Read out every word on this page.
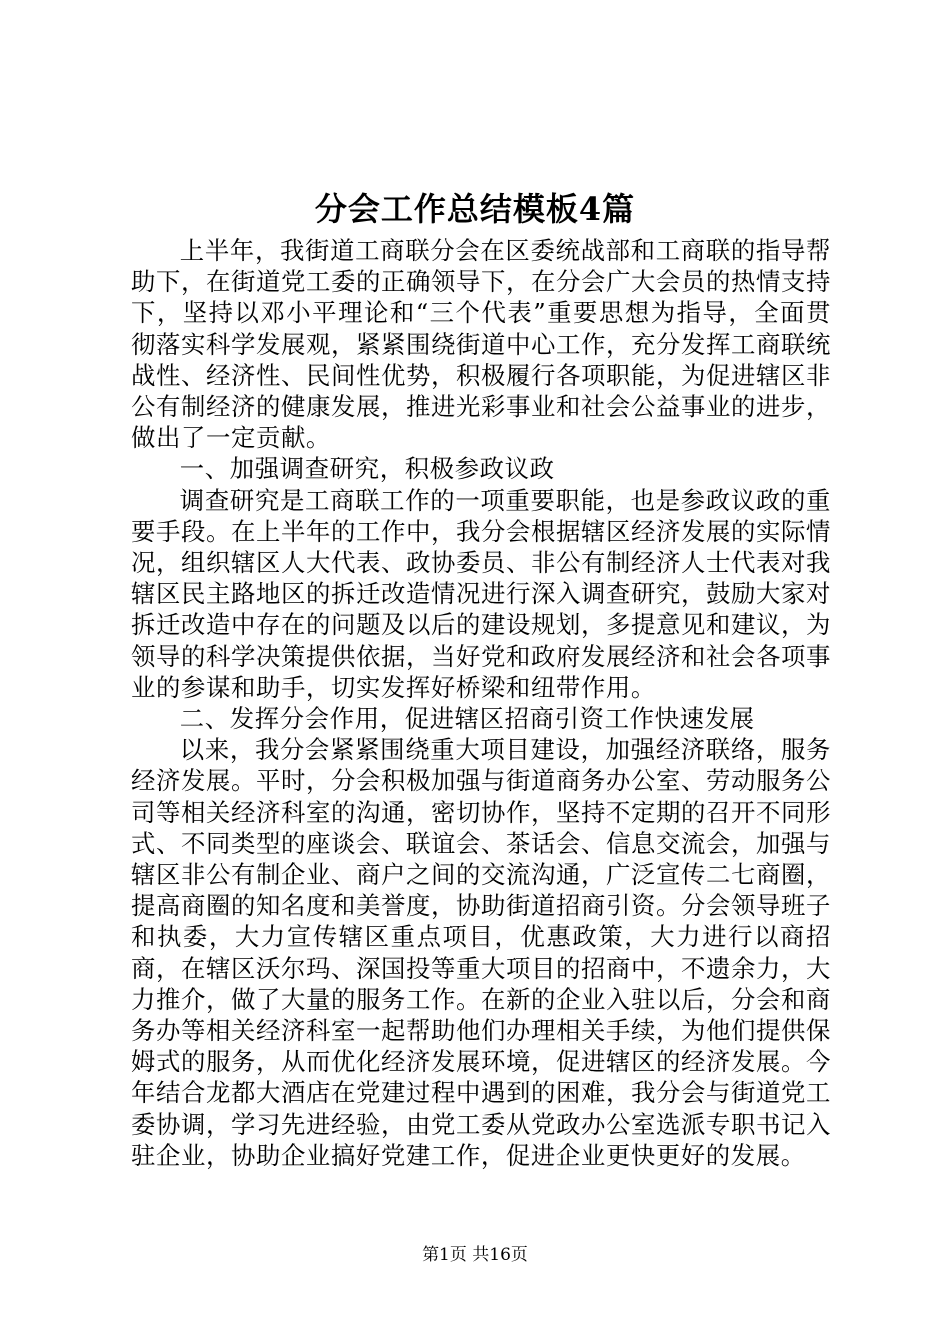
分会工作总结模板4篇

上半年，我街道工商联分会在区委统战部和工商联的指导帮助下，在街道党工委的正确领导下，在分会广大会员的热情支持下，坚持以邓小平理论和“三个代表”重要思想为指导，全面贯彻落实科学发展观，紧紧围绕街道中心工作，充分发挥工商联统战性、经济性、民间性优势，积极履行各项职能，为促进辖区非公有制经济的健康发展，推进光彩事业和社会公益事业的进步，做出了一定贡献。

一、加强调查研究，积极参政议政

调查研究是工商联工作的一项重要职能，也是参政议政的重要手段。在上半年的工作中，我分会根据辖区经济发展的实际情况，组织辖区人大代表、政协委员、非公有制经济人士代表对我辖区民主路地区的拆迁改造情况进行深入调查研究，鼓励大家对拆迁改造中存在的问题及以后的建设规划，多提意见和建议，为领导的科学决策提供依据，当好党和政府发展经济和社会各项事业的参谋和助手，切实发挥好桥梁和纽带作用。

二、发挥分会作用，促进辖区招商引资工作快速发展

以来，我分会紧紧围绕重大项目建设，加强经济联络，服务经济发展。平时，分会积极加强与街道商务办公室、劳动服务公司等相关经济科室的沟通，密切协作，坚持不定期的召开不同形式、不同类型的座谈会、联谊会、茶话会、信息交流会，加强与辖区非公有制企业、商户之间的交流沟通，广泛宣传二七商圈，提高商圈的知名度和美誉度，协助街道招商引资。分会领导班子和执委，大力宣传辖区重点项目，优惠政策，大力进行以商招商，在辖区沃尔玛、深国投等重大项目的招商中，不遗余力，大力推介，做了大量的服务工作。在新的企业入驻以后，分会和商务办等相关经济科室一起帮助他们办理相关手续，为他们提供保姆式的服务，从而优化经济发展环境，促进辖区的经济发展。今年结合龙都大酒店在党建过程中遇到的困难，我分会与街道党工委协调，学习先进经验，由党工委从党政办公室选派专职书记入驻企业，协助企业搞好党建工作，促进企业更快更好的发展。

第1页 共16页
